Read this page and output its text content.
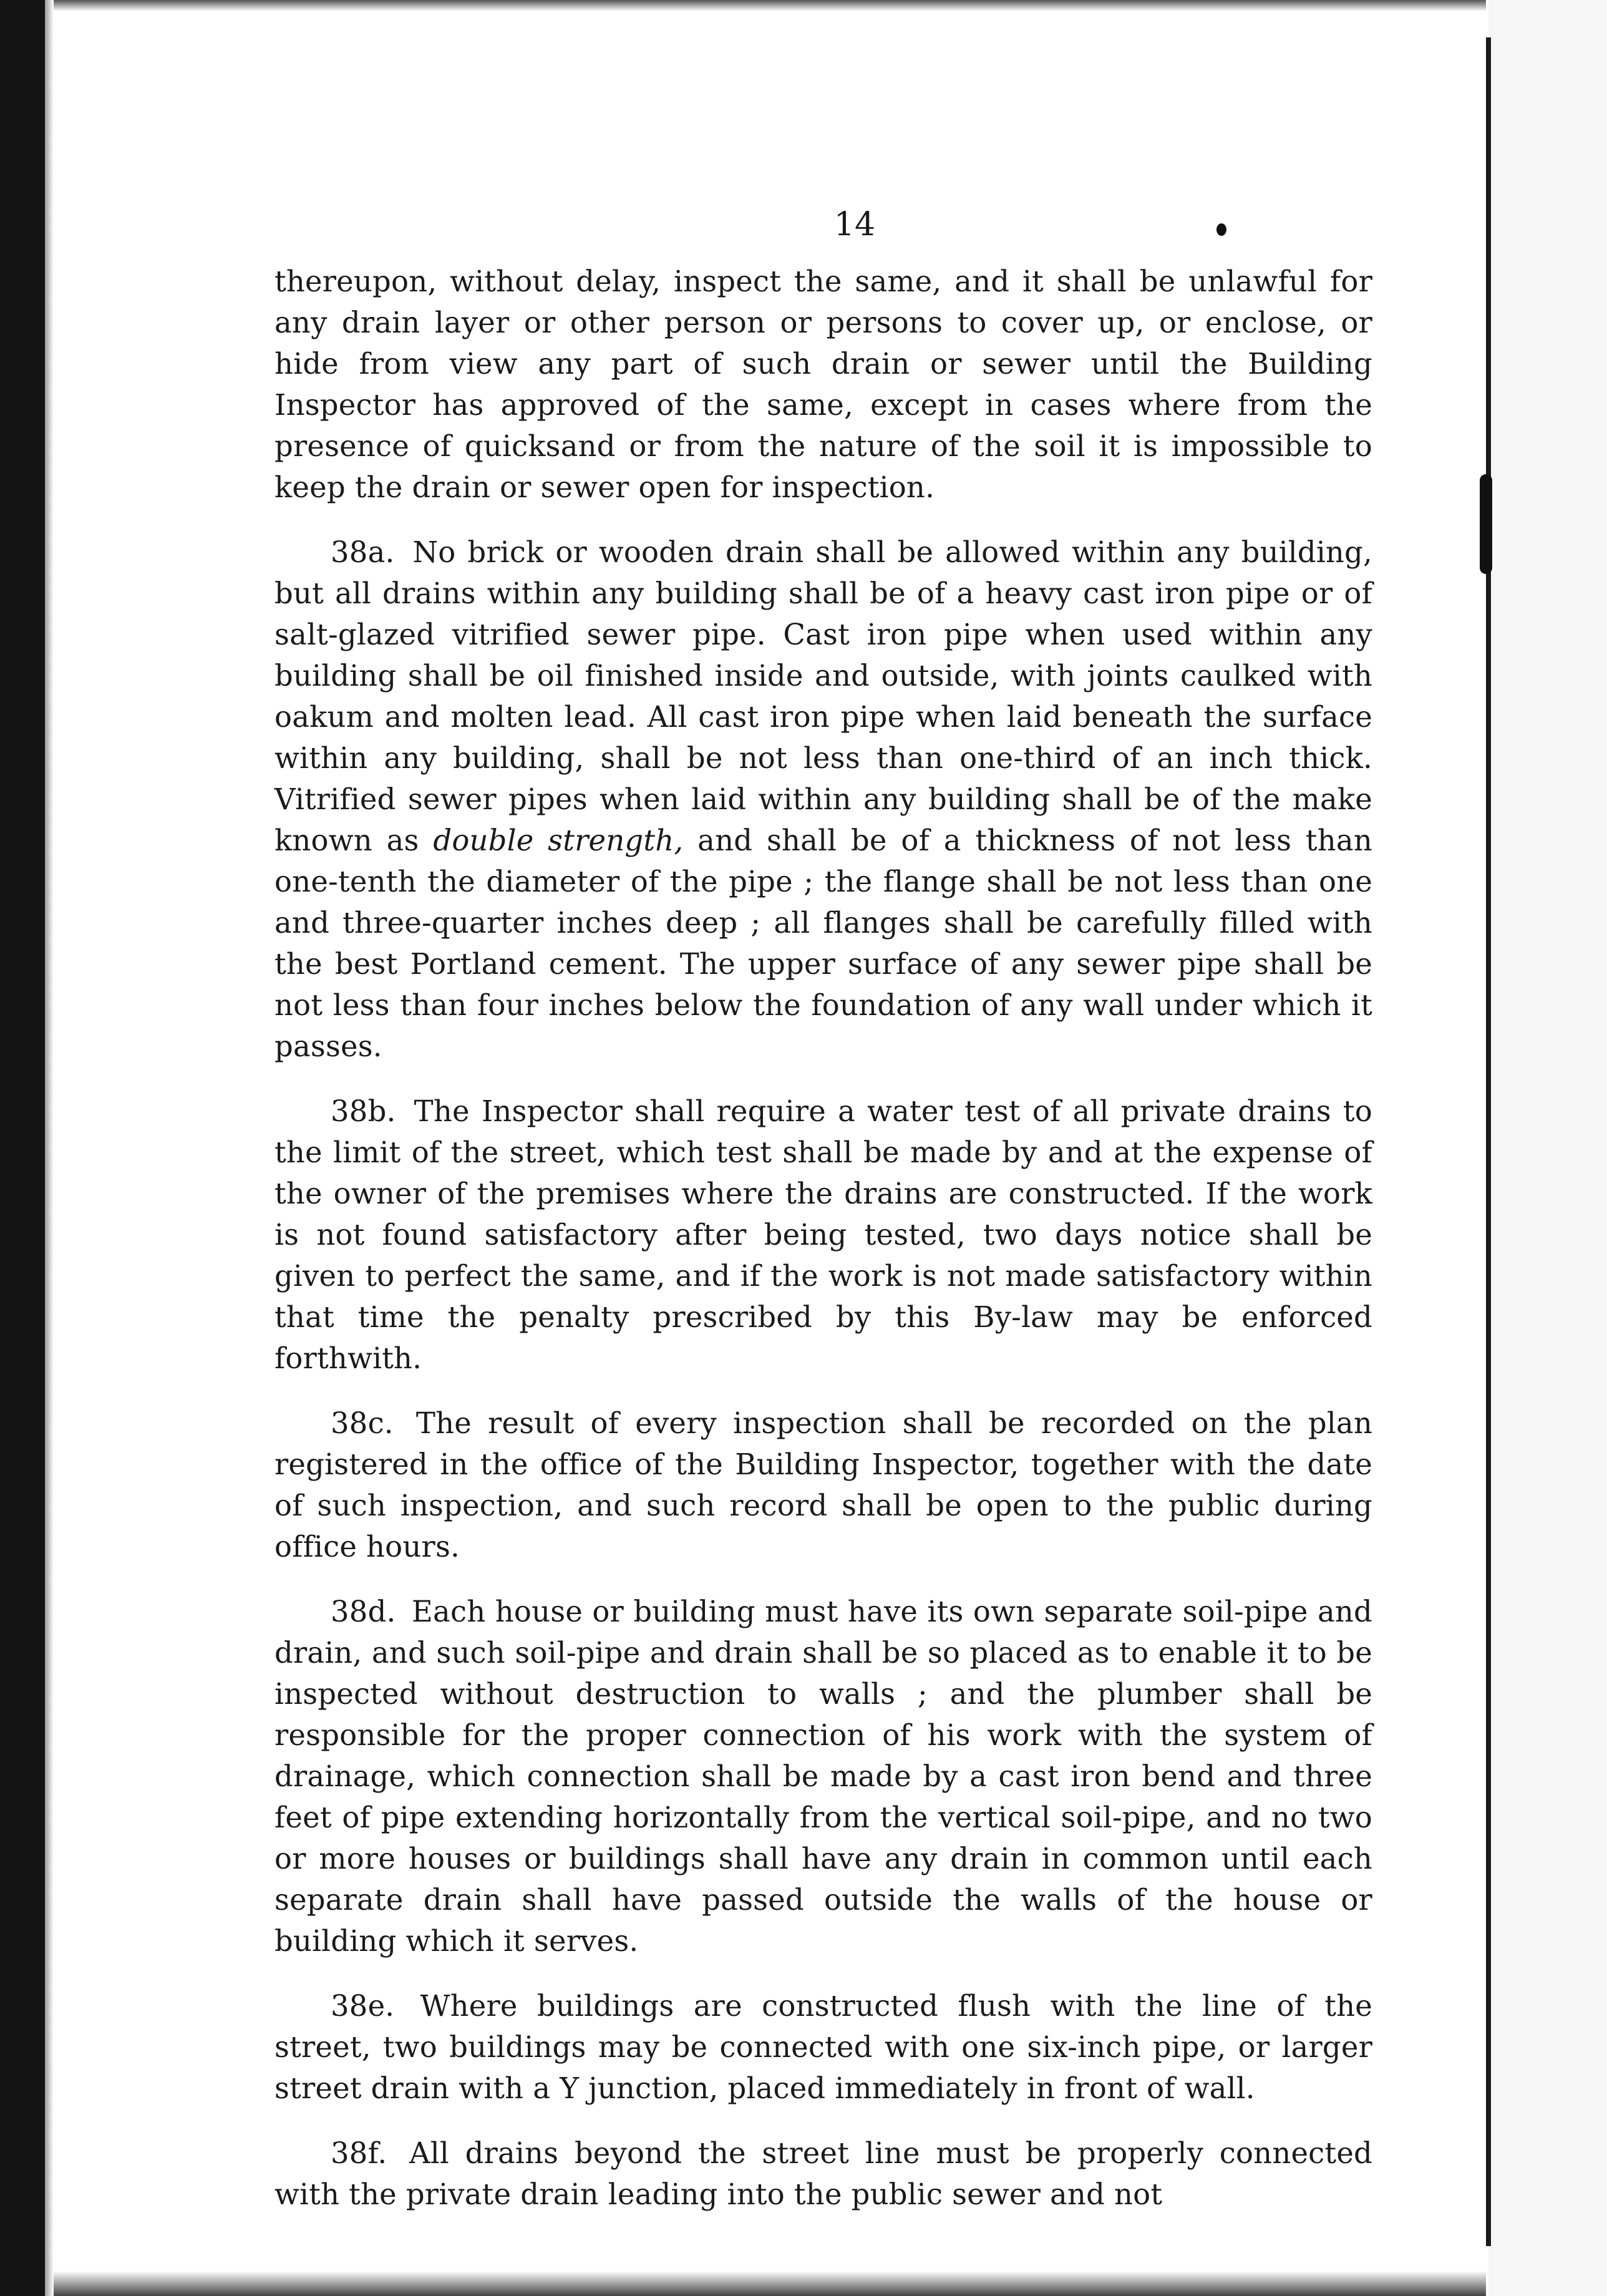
14

thereupon, without delay, inspect the same, and it shall be unlawful for any drain layer or other person or persons to cover up, or enclose, or hide from view any part of such drain or sewer until the Building Inspector has approved of the same, except in cases where from the presence of quicksand or from the nature of the soil it is impossible to keep the drain or sewer open for inspection.

38a. No brick or wooden drain shall be allowed within any building, but all drains within any building shall be of a heavy cast iron pipe or of salt-glazed vitrified sewer pipe. Cast iron pipe when used within any building shall be oil finished inside and outside, with joints caulked with oakum and molten lead. All cast iron pipe when laid beneath the surface within any building, shall be not less than one-third of an inch thick. Vitrified sewer pipes when laid within any building shall be of the make known as double strength, and shall be of a thickness of not less than one-tenth the diameter of the pipe ; the flange shall be not less than one and three-quarter inches deep ; all flanges shall be carefully filled with the best Portland cement. The upper surface of any sewer pipe shall be not less than four inches below the foundation of any wall under which it passes.

38b. The Inspector shall require a water test of all private drains to the limit of the street, which test shall be made by and at the expense of the owner of the premises where the drains are constructed. If the work is not found satisfactory after being tested, two days notice shall be given to perfect the same, and if the work is not made satisfactory within that time the penalty prescribed by this By-law may be enforced forthwith.

38c. The result of every inspection shall be recorded on the plan registered in the office of the Building Inspector, together with the date of such inspection, and such record shall be open to the public during office hours.

38d. Each house or building must have its own separate soil-pipe and drain, and such soil-pipe and drain shall be so placed as to enable it to be inspected without destruction to walls ; and the plumber shall be responsible for the proper connection of his work with the system of drainage, which connection shall be made by a cast iron bend and three feet of pipe extending horizontally from the vertical soil-pipe, and no two or more houses or buildings shall have any drain in common until each separate drain shall have passed outside the walls of the house or building which it serves.

38e. Where buildings are constructed flush with the line of the street, two buildings may be connected with one six-inch pipe, or larger street drain with a Y junction, placed immediately in front of wall.

38f. All drains beyond the street line must be properly connected with the private drain leading into the public sewer and not
